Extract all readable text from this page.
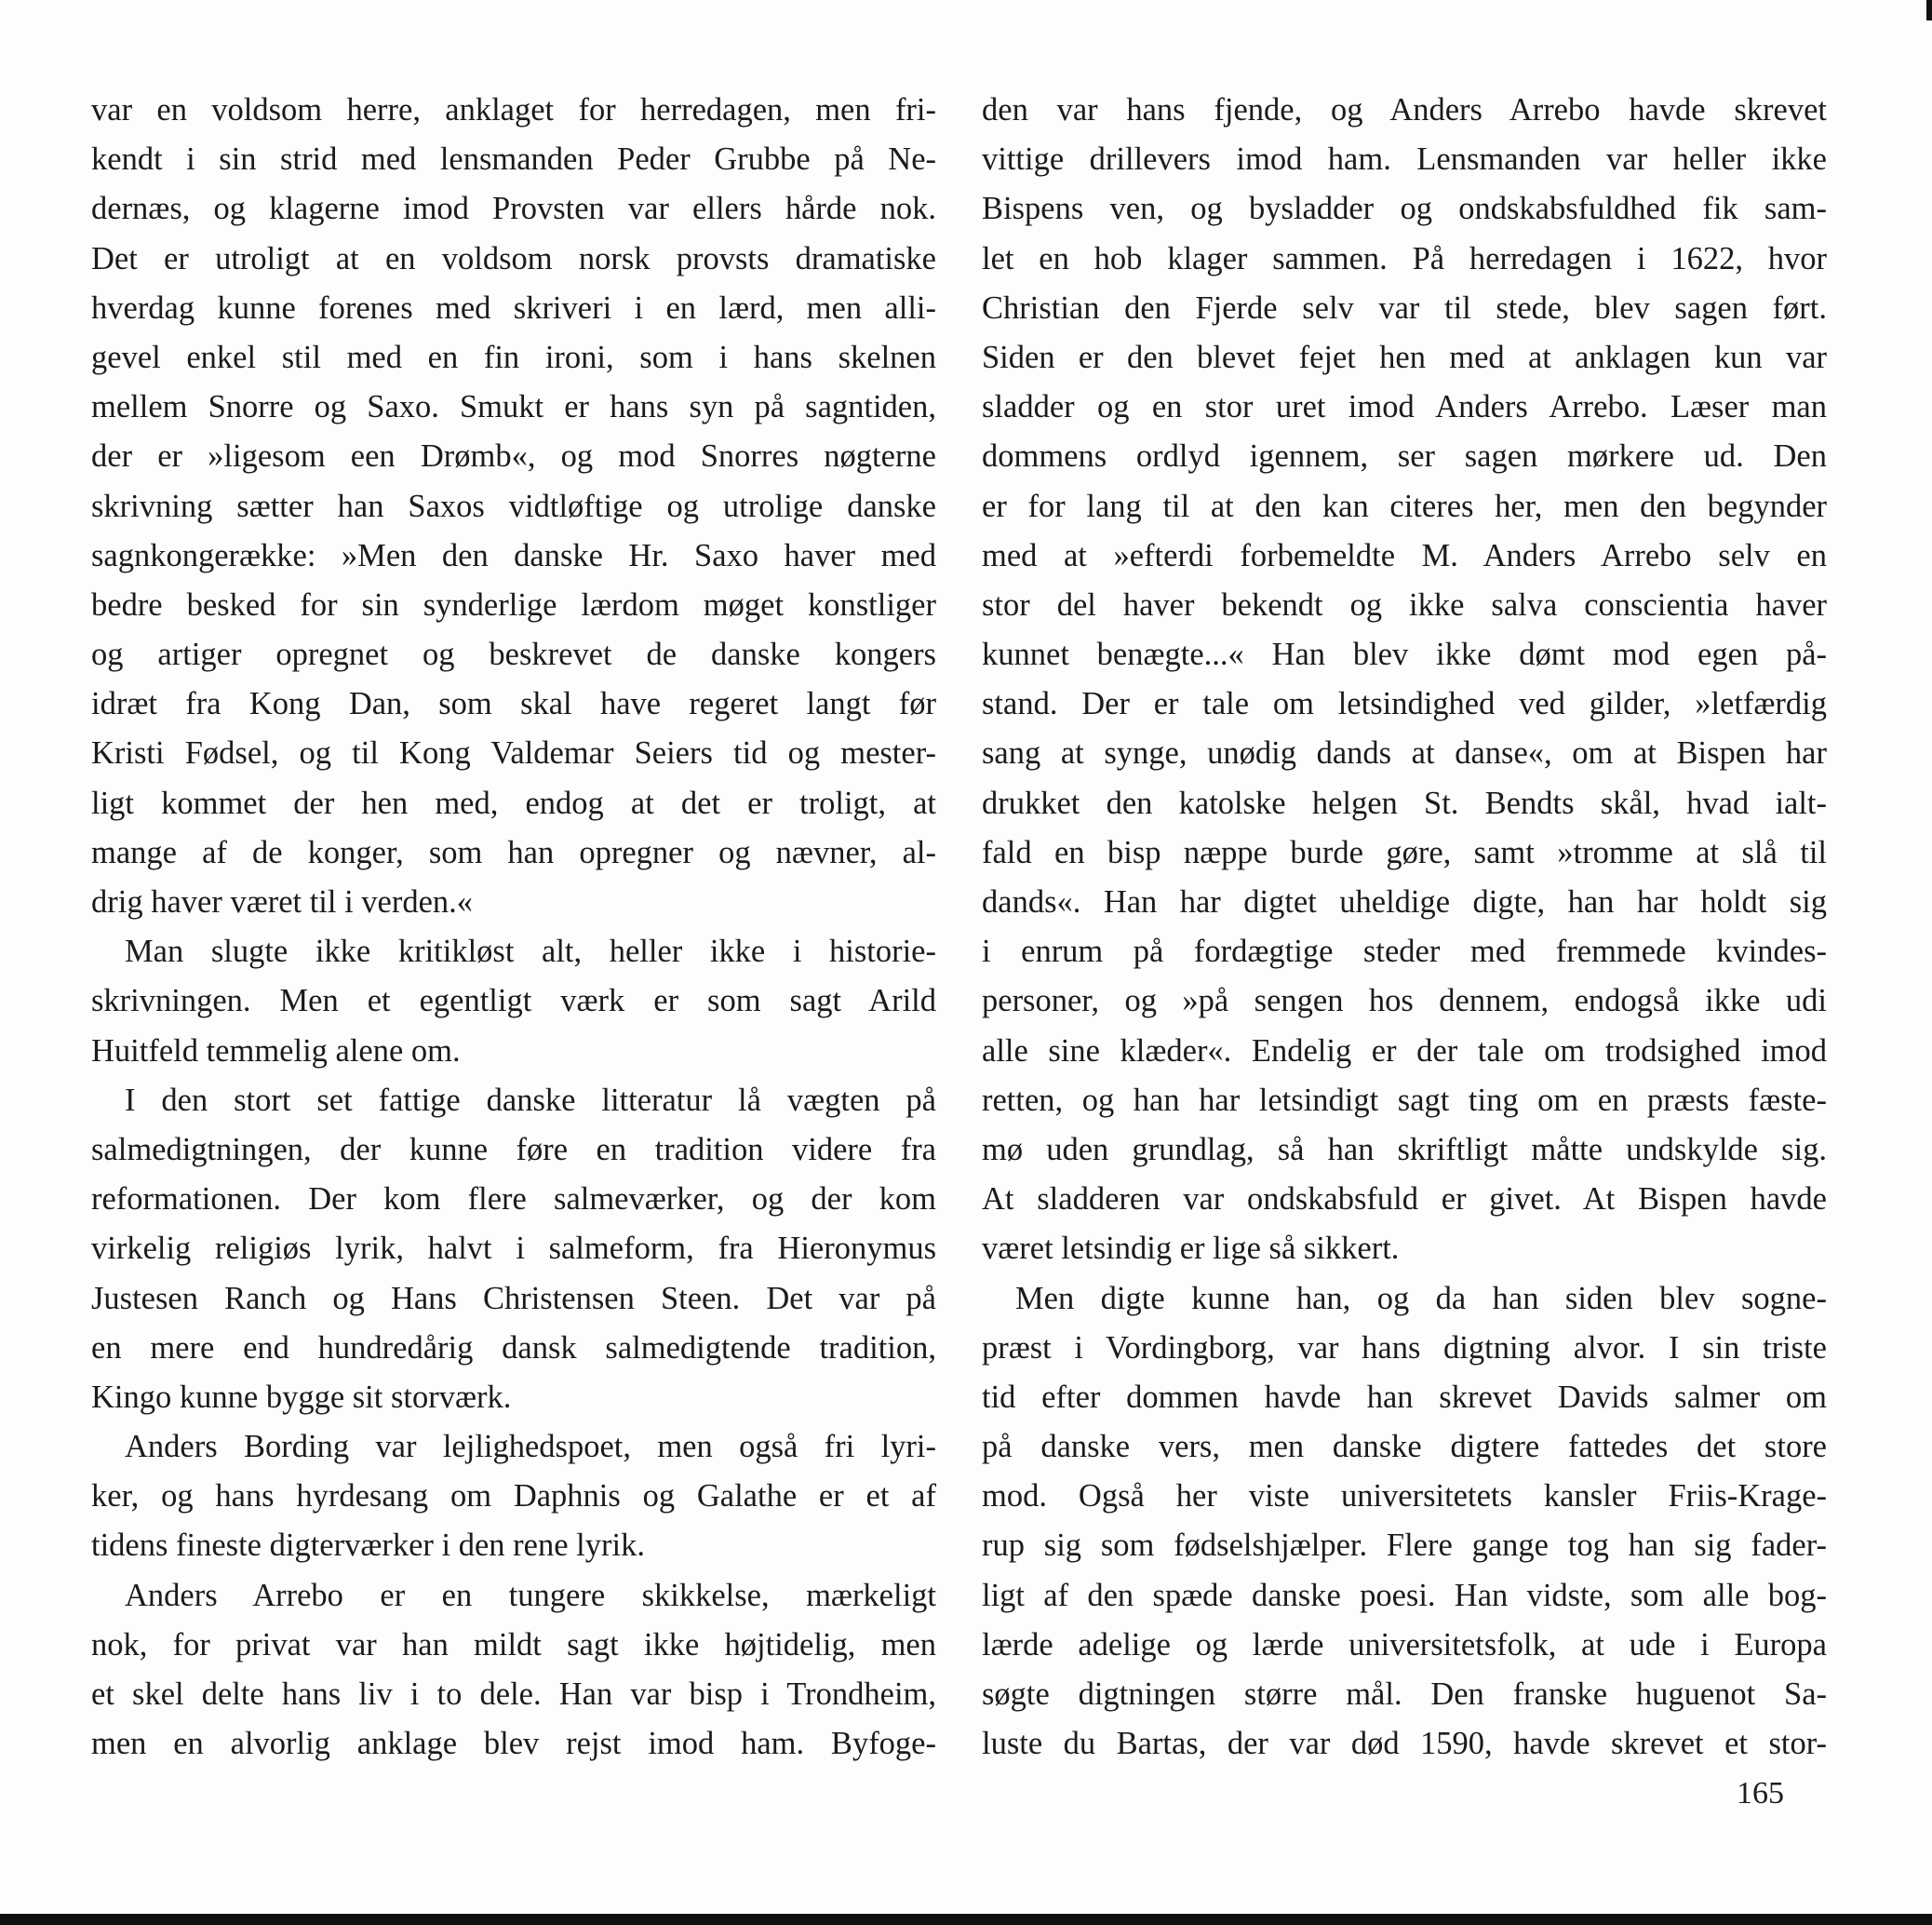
var en voldsom herre, anklaget for herredagen, men fri-
kendt i sin strid med lensmanden Peder Grubbe på Ne-
dernæs, og klagerne imod Provsten var ellers hårde nok.
Det er utroligt at en voldsom norsk provsts dramatiske
hverdag kunne forenes med skriveri i en lærd, men alli-
gevel enkel stil med en fin ironi, som i hans skelnen
mellem Snorre og Saxo. Smukt er hans syn på sagntiden,
der er »ligesom een Drømb«, og mod Snorres nøgterne
skrivning sætter han Saxos vidtløftige og utrolige danske
sagnkongerække: »Men den danske Hr. Saxo haver med
bedre besked for sin synderlige lærdom møget konstliger
og artiger opregnet og beskrevet de danske kongers
idræt fra Kong Dan, som skal have regeret langt før
Kristi Fødsel, og til Kong Valdemar Seiers tid og mester-
ligt kommet der hen med, endog at det er troligt, at
mange af de konger, som han opregner og nævner, al-
drig haver været til i verden.«
Man slugte ikke kritikløst alt, heller ikke i historie-
skrivningen. Men et egentligt værk er som sagt Arild
Huitfeld temmelig alene om.
I den stort set fattige danske litteratur lå vægten på
salmedigtningen, der kunne føre en tradition videre fra
reformationen. Der kom flere salmeværker, og der kom
virkelig religiøs lyrik, halvt i salmeform, fra Hieronymus
Justesen Ranch og Hans Christensen Steen. Det var på
en mere end hundredårig dansk salmedigtende tradition,
Kingo kunne bygge sit storværk.
Anders Bording var lejlighedspoet, men også fri lyri-
ker, og hans hyrdesang om Daphnis og Galathe er et af
tidens fineste digterværker i den rene lyrik.
Anders Arrebo er en tungere skikkelse, mærkeligt
nok, for privat var han mildt sagt ikke højtidelig, men
et skel delte hans liv i to dele. Han var bisp i Trondheim,
men en alvorlig anklage blev rejst imod ham. Byfoge-
den var hans fjende, og Anders Arrebo havde skrevet
vittige drillevers imod ham. Lensmanden var heller ikke
Bispens ven, og bysladder og ondskabsfuldhed fik sam-
let en hob klager sammen. På herredagen i 1622, hvor
Christian den Fjerde selv var til stede, blev sagen ført.
Siden er den blevet fejet hen med at anklagen kun var
sladder og en stor uret imod Anders Arrebo. Læser man
dommens ordlyd igennem, ser sagen mørkere ud. Den
er for lang til at den kan citeres her, men den begynder
med at »efterdi forbemeldte M. Anders Arrebo selv en
stor del haver bekendt og ikke salva conscientia haver
kunnet benægte...« Han blev ikke dømt mod egen på-
stand. Der er tale om letsindighed ved gilder, »letfærdig
sang at synge, unødig dands at danse«, om at Bispen har
drukket den katolske helgen St. Bendts skål, hvad ialt-
fald en bisp næppe burde gøre, samt »tromme at slå til
dands«. Han har digtet uheldige digte, han har holdt sig
i enrum på fordægtige steder med fremmede kvindes-
personer, og »på sengen hos dennem, endogså ikke udi
alle sine klæder«. Endelig er der tale om trodsighed imod
retten, og han har letsindigt sagt ting om en præsts fæste-
mø uden grundlag, så han skriftligt måtte undskylde sig.
At sladderen var ondskabsfuld er givet. At Bispen havde
været letsindig er lige så sikkert.
Men digte kunne han, og da han siden blev sogne-
præst i Vordingborg, var hans digtning alvor. I sin triste
tid efter dommen havde han skrevet Davids salmer om
på danske vers, men danske digtere fattedes det store
mod. Også her viste universitetets kansler Friis-Krage-
rup sig som fødselshjælper. Flere gange tog han sig fader-
ligt af den spæde danske poesi. Han vidste, som alle bog-
lærde adelige og lærde universitetsfolk, at ude i Europa
søgte digtningen større mål. Den franske huguenot Sa-
luste du Bartas, der var død 1590, havde skrevet et stor-
165
